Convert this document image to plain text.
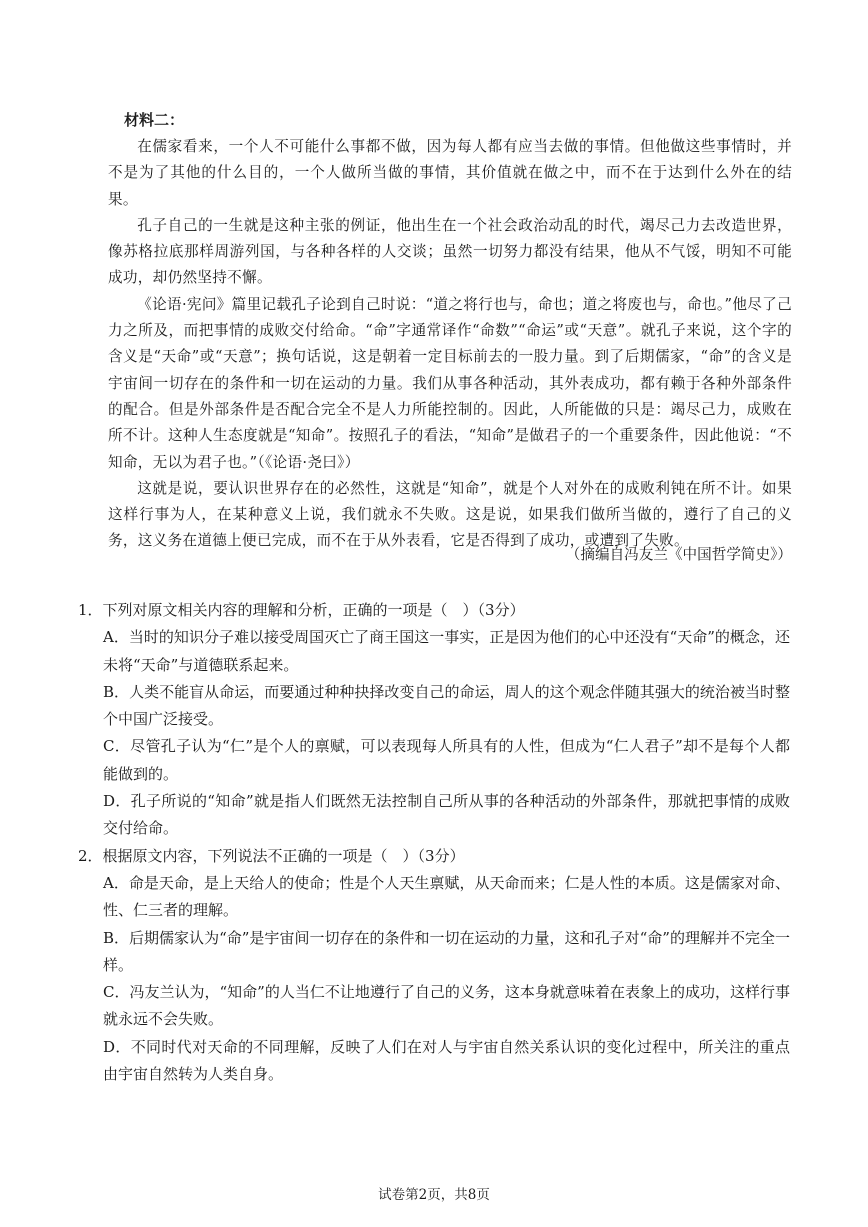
材料二：

在儒家看来，一个人不可能什么事都不做，因为每人都有应当去做的事情。但他做这些事情时，并不是为了其他的什么目的，一个人做所当做的事情，其价值就在做之中，而不在于达到什么外在的结果。

孔子自己的一生就是这种主张的例证，他出生在一个社会政治动乱的时代，竭尽己力去改造世界，像苏格拉底那样周游列国，与各种各样的人交谈；虽然一切努力都没有结果，他从不气馁，明知不可能成功，却仍然坚持不懈。

《论语·宪问》篇里记载孔子论到自己时说：“道之将行也与，命也；道之将废也与，命也。”他尽了己力之所及，而把事情的成败交付给命。“命”字通常译作“命数”“命运”或“天意”。就孔子来说，这个字的含义是“天命”或“天意”；换句话说，这是朝着一定目标前去的一股力量。到了后期儒家，“命”的含义是宇宙间一切存在的条件和一切在运动的力量。我们从事各种活动，其外表成功，都有赖于各种外部条件的配合。但是外部条件是否配合完全不是人力所能控制的。因此，人所能做的只是：竭尽己力，成败在所不计。这种人生态度就是“知命”。按照孔子的看法，“知命”是做君子的一个重要条件，因此他说：“不知命，无以为君子也。”（《论语·尧曰》）

这就是说，要认识世界存在的必然性，这就是“知命”，就是个人对外在的成败利钝在所不计。如果这样行事为人，在某种意义上说，我们就永不失败。这是说，如果我们做所当做的，遵行了自己的义务，这义务在道德上便已完成，而不在于从外表看，它是否得到了成功，或遭到了失败。

（摘编自冯友兰《中国哲学简史》）

1．下列对原文相关内容的理解和分析，正确的一项是（　）（3分）

A．当时的知识分子难以接受周国灭亡了商王国这一事实，正是因为他们的心中还没有“天命”的概念，还未将“天命”与道德联系起来。

B．人类不能盲从命运，而要通过种种抉择改变自己的命运，周人的这个观念伴随其强大的统治被当时整个中国广泛接受。

C．尽管孔子认为“仁”是个人的禀赋，可以表现每人所具有的人性，但成为“仁人君子”却不是每个人都能做到的。

D．孔子所说的“知命”就是指人们既然无法控制自己所从事的各种活动的外部条件，那就把事情的成败交付给命。

2．根据原文内容，下列说法不正确的一项是（　）（3分）

A．命是天命，是上天给人的使命；性是个人天生禀赋，从天命而来；仁是人性的本质。这是儒家对命、性、仁三者的理解。

B．后期儒家认为“命”是宇宙间一切存在的条件和一切在运动的力量，这和孔子对“命”的理解并不完全一样。

C．冯友兰认为，“知命”的人当仁不让地遵行了自己的义务，这本身就意味着在表象上的成功，这样行事就永远不会失败。

D．不同时代对天命的不同理解，反映了人们在对人与宇宙自然关系认识的变化过程中，所关注的重点由宇宙自然转为人类自身。

试卷第2页，共8页
